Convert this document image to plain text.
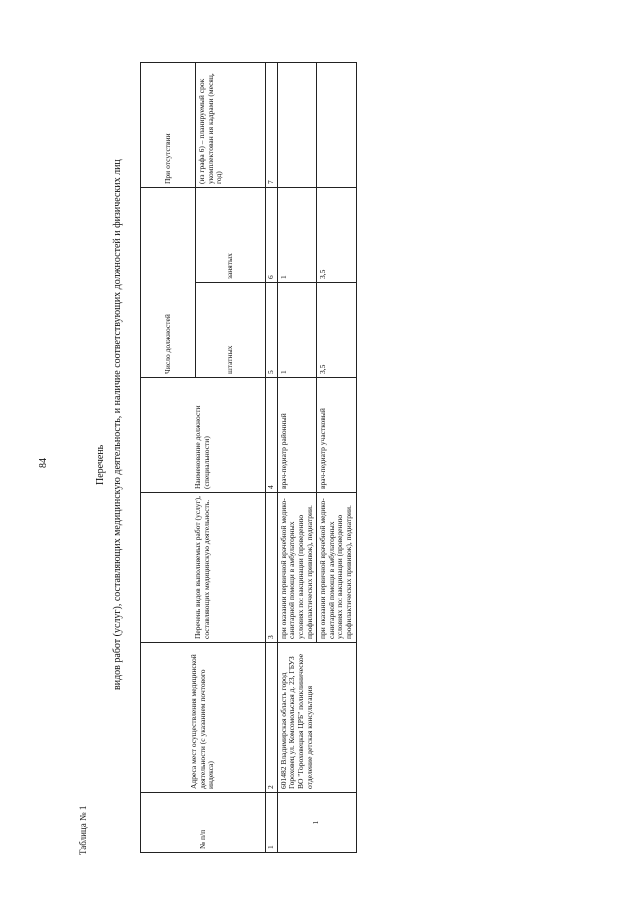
84	Перечень видов работ (услуг), составляющих медицинскую деятельность, и наличие соответствующих должностей и физических лиц
Таблица № 1	№ п/п	Адреса мест осуществления медицинской деятельности (с указанием почтового индекса)	Перечень видов выполняемых работ (услуг), составляющих медицинскую деятельность.	Наименование должности (специальности)	Число должностей		При отсутствии
				штатных	занятых	(из графа 6) – планируемый срок укомплектован ия кадрами (месяц, год)
1	2	3	4	5	6	7
1	601482 Владимирская область город Гороховец ул. Комсомольская д. 23, ГБУЗ ВО "Гороховецкая ЦРБ" поликлиническое отделение детская консультация	при оказании первичной врачебной медико- санитарной помощи в амбулаторных условиях по: вакцинации (проведению профилактических прививок), педиатрии.	врач-педиатр районный	1	1	
		при оказании первичной врачебной медико- санитарной помощи в амбулаторных условиях по: вакцинации (проведению профилактических прививок), педиатрии.	врач-педиатр участковый	3,5	3,5	
